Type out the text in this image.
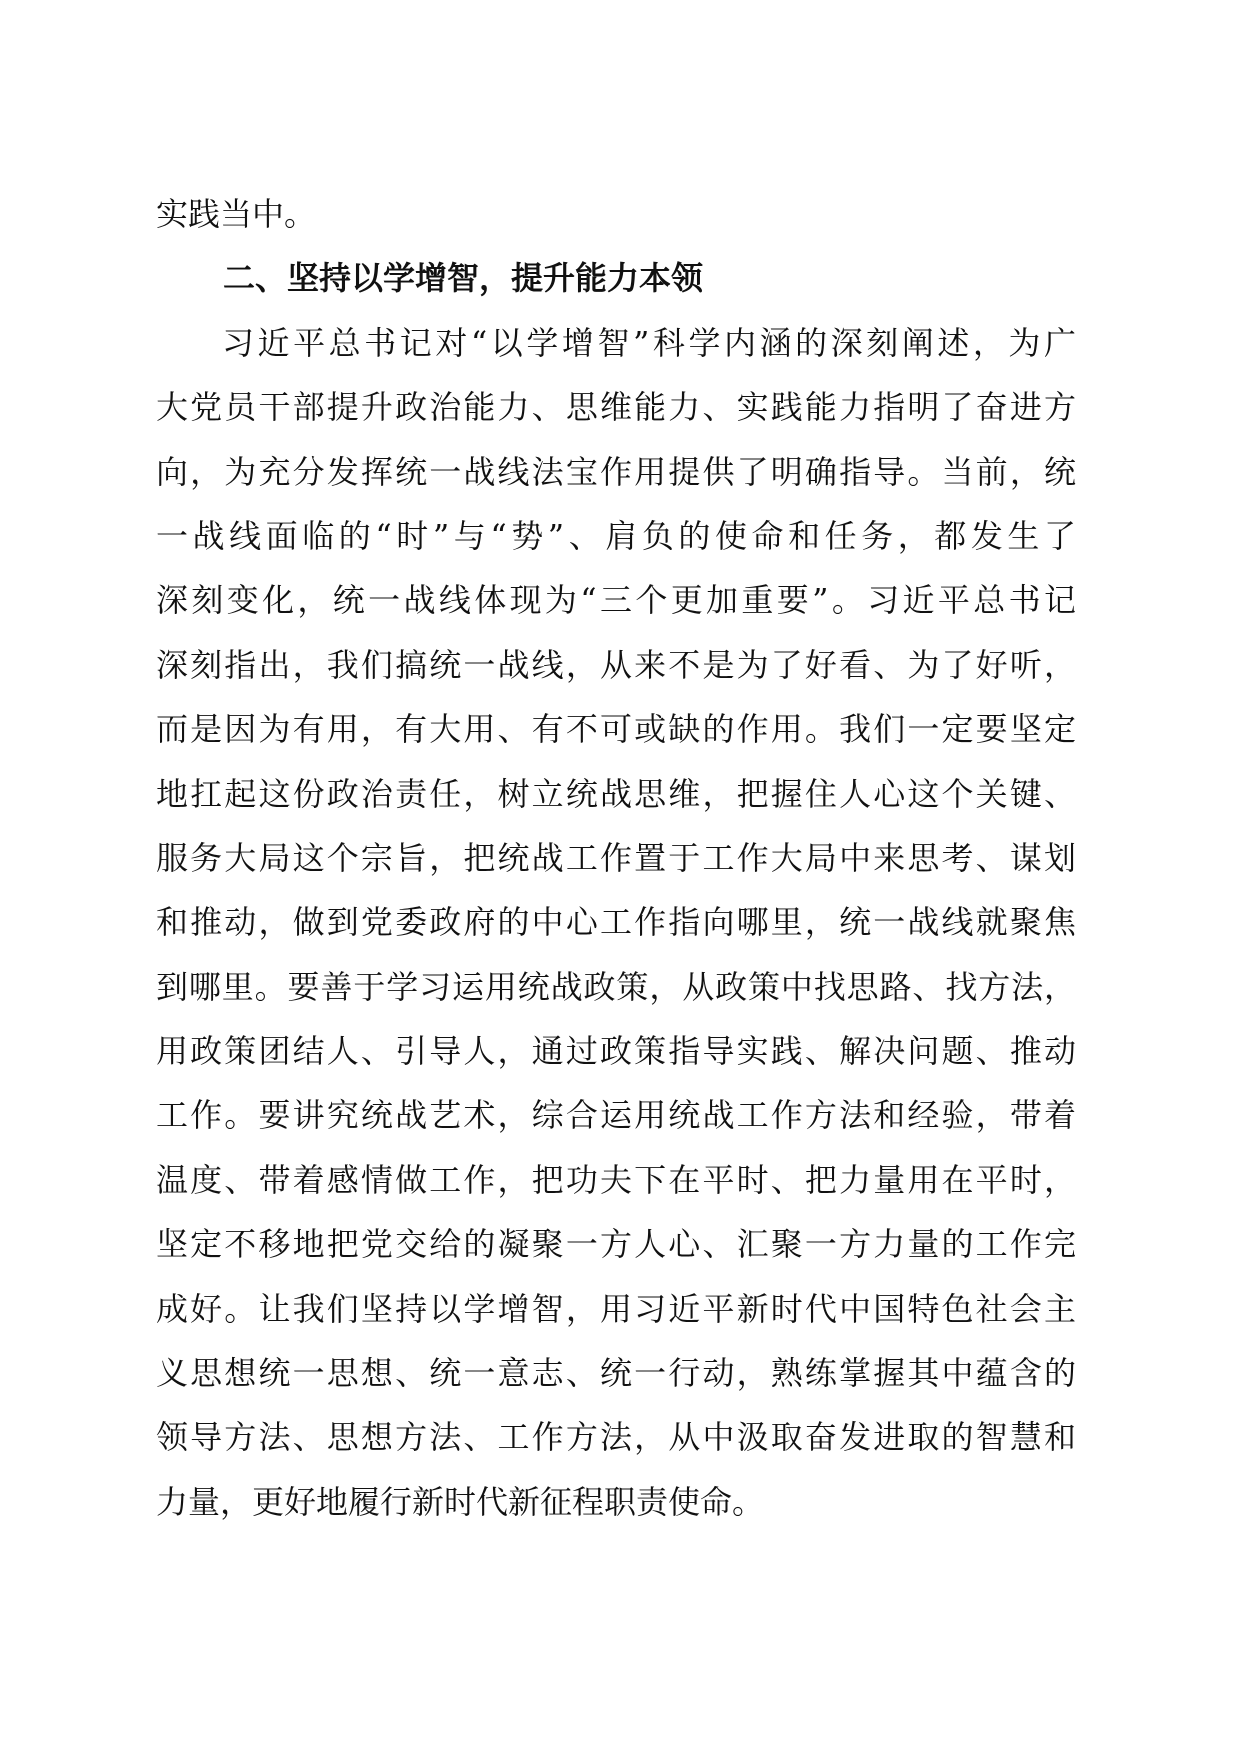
实践当中。
二、坚持以学增智，提升能力本领
习近平总书记对“以学增智”科学内涵的深刻阐述，为广
大党员干部提升政治能力、思维能力、实践能力指明了奋进方
向，为充分发挥统一战线法宝作用提供了明确指导。当前，统
一战线面临的“时”与“势”、肩负的使命和任务，都发生了
深刻变化，统一战线体现为“三个更加重要”。习近平总书记
深刻指出，我们搞统一战线，从来不是为了好看、为了好听，
而是因为有用，有大用、有不可或缺的作用。我们一定要坚定
地扛起这份政治责任，树立统战思维，把握住人心这个关键、
服务大局这个宗旨，把统战工作置于工作大局中来思考、谋划
和推动，做到党委政府的中心工作指向哪里，统一战线就聚焦
到哪里。要善于学习运用统战政策，从政策中找思路、找方法，
用政策团结人、引导人，通过政策指导实践、解决问题、推动
工作。要讲究统战艺术，综合运用统战工作方法和经验，带着
温度、带着感情做工作，把功夫下在平时、把力量用在平时，
坚定不移地把党交给的凝聚一方人心、汇聚一方力量的工作完
成好。让我们坚持以学增智，用习近平新时代中国特色社会主
义思想统一思想、统一意志、统一行动，熟练掌握其中蕴含的
领导方法、思想方法、工作方法，从中汲取奋发进取的智慧和
力量，更好地履行新时代新征程职责使命。
